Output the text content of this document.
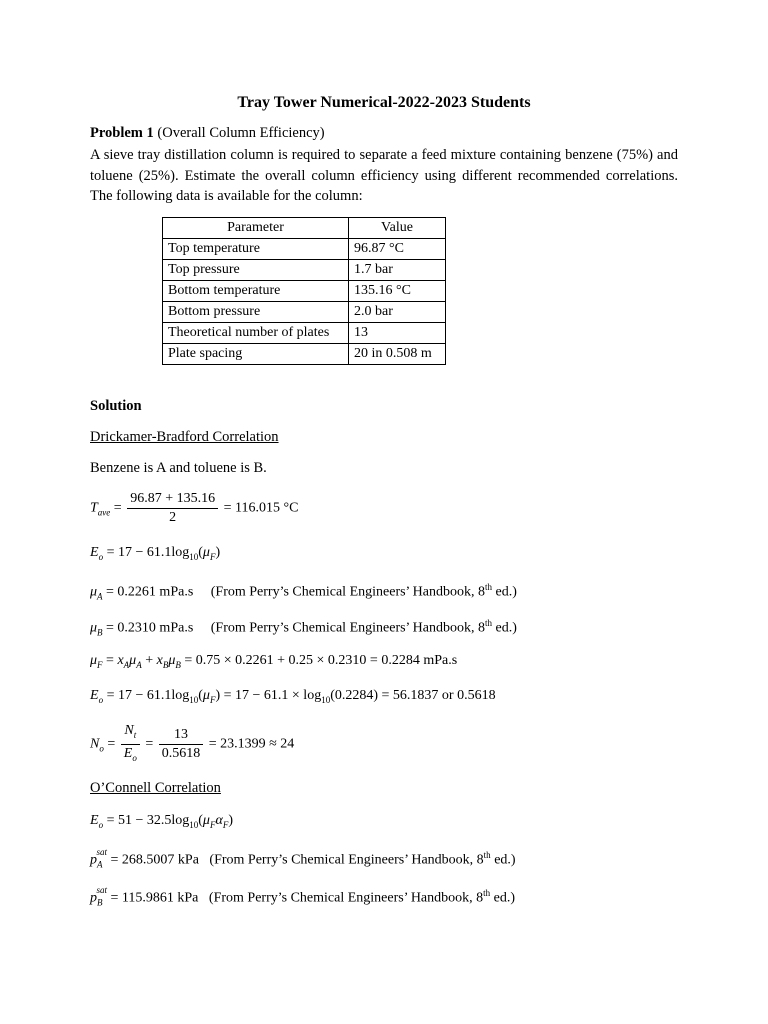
Tray Tower Numerical-2022-2023 Students
Problem 1 (Overall Column Efficiency)
A sieve tray distillation column is required to separate a feed mixture containing benzene (75%) and toluene (25%). Estimate the overall column efficiency using different recommended correlations. The following data is available for the column:
Parameter	Value
Top temperature	96.87 °C
Top pressure	1.7 bar
Bottom temperature	135.16 °C
Bottom pressure	2.0 bar
Theoretical number of plates	13
Plate spacing	20 in 0.508 m
Solution
Drickamer-Bradford Correlation
Benzene is A and toluene is B.
$T_{ave} = \frac{96.87 + 135.16}{2} = 116.015$ °C
$E_o = 17 - 61.1\log_{10}(\mu_F)$
$\mu_A = 0.2261$ mPa.s (From Perry’s Chemical Engineers’ Handbook, 8th ed.)
$\mu_B = 0.2310$ mPa.s (From Perry’s Chemical Engineers’ Handbook, 8th ed.)
$\mu_F = x_A\mu_A + x_B\mu_B = 0.75 \times 0.2261 + 0.25 \times 0.2310 = 0.2284$ mPa.s
$E_o = 17 - 61.1\log_{10}(\mu_F) = 17 - 61.1 \times \log_{10}(0.2284) = 56.1837$ or 0.5618
$N_o = \frac{N_t}{E_o} = \frac{13}{0.5618} = 23.1399 \approx 24$
O’Connell Correlation
$E_o = 51 - 32.5\log_{10}(\mu_F\alpha_F)$
$p_A^{sat} = 268.5007$ kPa (From Perry’s Chemical Engineers’ Handbook, 8th ed.)
$p_B^{sat} = 115.9861$ kPa (From Perry’s Chemical Engineers’ Handbook, 8th ed.)
